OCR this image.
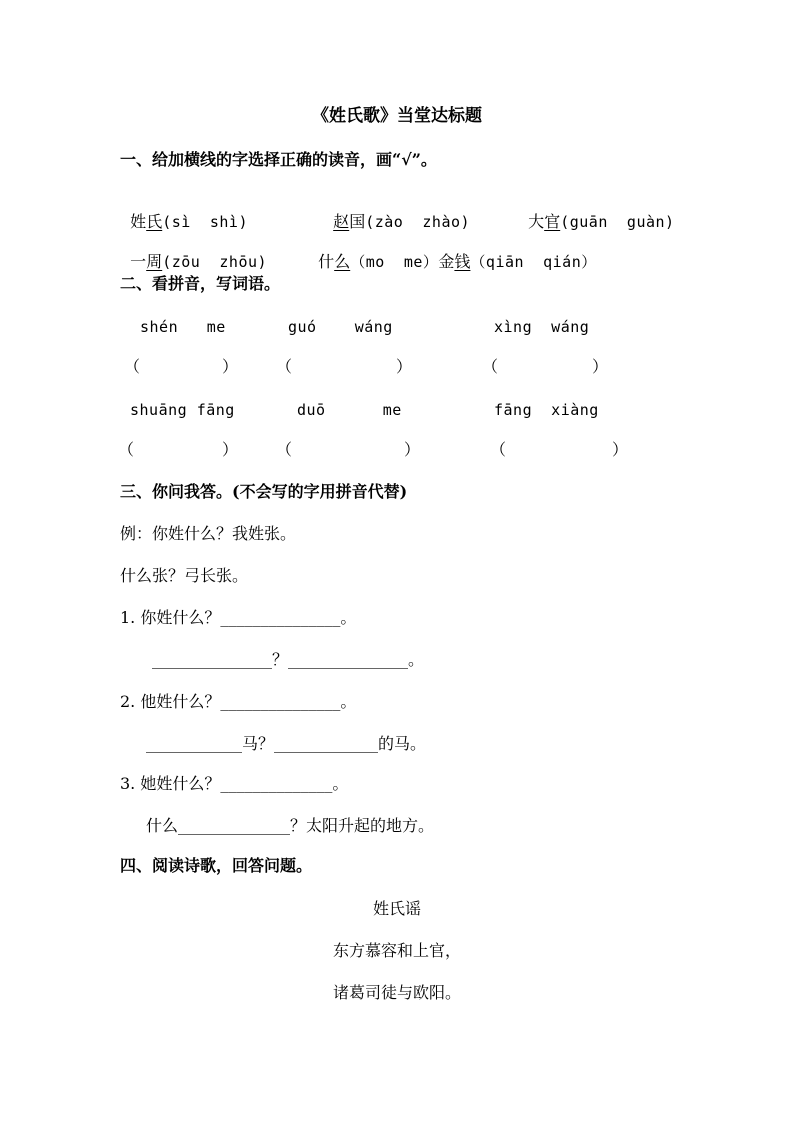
《姓氏歌》当堂达标题
一、给加横线的字选择正确的读音，画“√”。

姓氏(sì  shì)	赵国(zào  zhào)	大官(guān  guàn)

一周(zōu  zhōu)	什么（mo  me）金钱（qiān  qián）

二、看拼音，写词语。
shén   me	guó    wáng	xìng  wáng
（	） （	）	（	）
shuāng fāng	duō      me	fāng  xiàng
（	） （	）	（	）
三、你问我答。(不会写的字用拼音代替)
例：你姓什么？我姓张。
什么张？弓长张。
1. 你姓什么？_______________。
_______________？_______________。
2. 他姓什么？_______________。
____________马？_____________的马。
3. 她姓什么？______________。
什么______________？太阳升起的地方。
四、阅读诗歌，回答问题。
姓氏谣
东方慕容和上官，
诸葛司徒与欧阳。
